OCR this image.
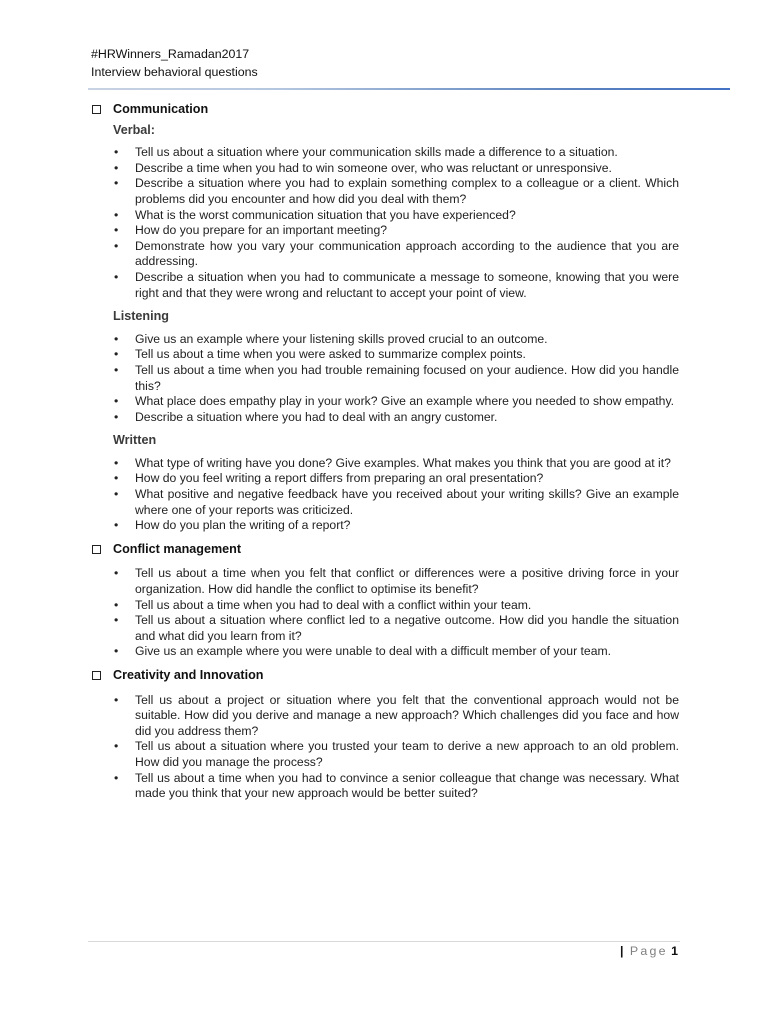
#HRWinners_Ramadan2017
Interview behavioral questions
Communication
Verbal:
• Tell us about a situation where your communication skills made a difference to a situation.
• Describe a time when you had to win someone over, who was reluctant or unresponsive.
• Describe a situation where you had to explain something complex to a colleague or a client. Which problems did you encounter and how did you deal with them?
• What is the worst communication situation that you have experienced?
• How do you prepare for an important meeting?
• Demonstrate how you vary your communication approach according to the audience that you are addressing.
• Describe a situation when you had to communicate a message to someone, knowing that you were right and that they were wrong and reluctant to accept your point of view.
Listening
• Give us an example where your listening skills proved crucial to an outcome.
• Tell us about a time when you were asked to summarize complex points.
• Tell us about a time when you had trouble remaining focused on your audience. How did you handle this?
• What place does empathy play in your work? Give an example where you needed to show empathy.
• Describe a situation where you had to deal with an angry customer.
Written
• What type of writing have you done? Give examples. What makes you think that you are good at it?
• How do you feel writing a report differs from preparing an oral presentation?
• What positive and negative feedback have you received about your writing skills? Give an example where one of your reports was criticized.
• How do you plan the writing of a report?
Conflict management
• Tell us about a time when you felt that conflict or differences were a positive driving force in your organization. How did handle the conflict to optimise its benefit?
• Tell us about a time when you had to deal with a conflict within your team.
• Tell us about a situation where conflict led to a negative outcome. How did you handle the situation and what did you learn from it?
• Give us an example where you were unable to deal with a difficult member of your team.
Creativity and Innovation
• Tell us about a project or situation where you felt that the conventional approach would not be suitable. How did you derive and manage a new approach? Which challenges did you face and how did you address them?
• Tell us about a situation where you trusted your team to derive a new approach to an old problem. How did you manage the process?
• Tell us about a time when you had to convince a senior colleague that change was necessary. What made you think that your new approach would be better suited?
| Page 1
